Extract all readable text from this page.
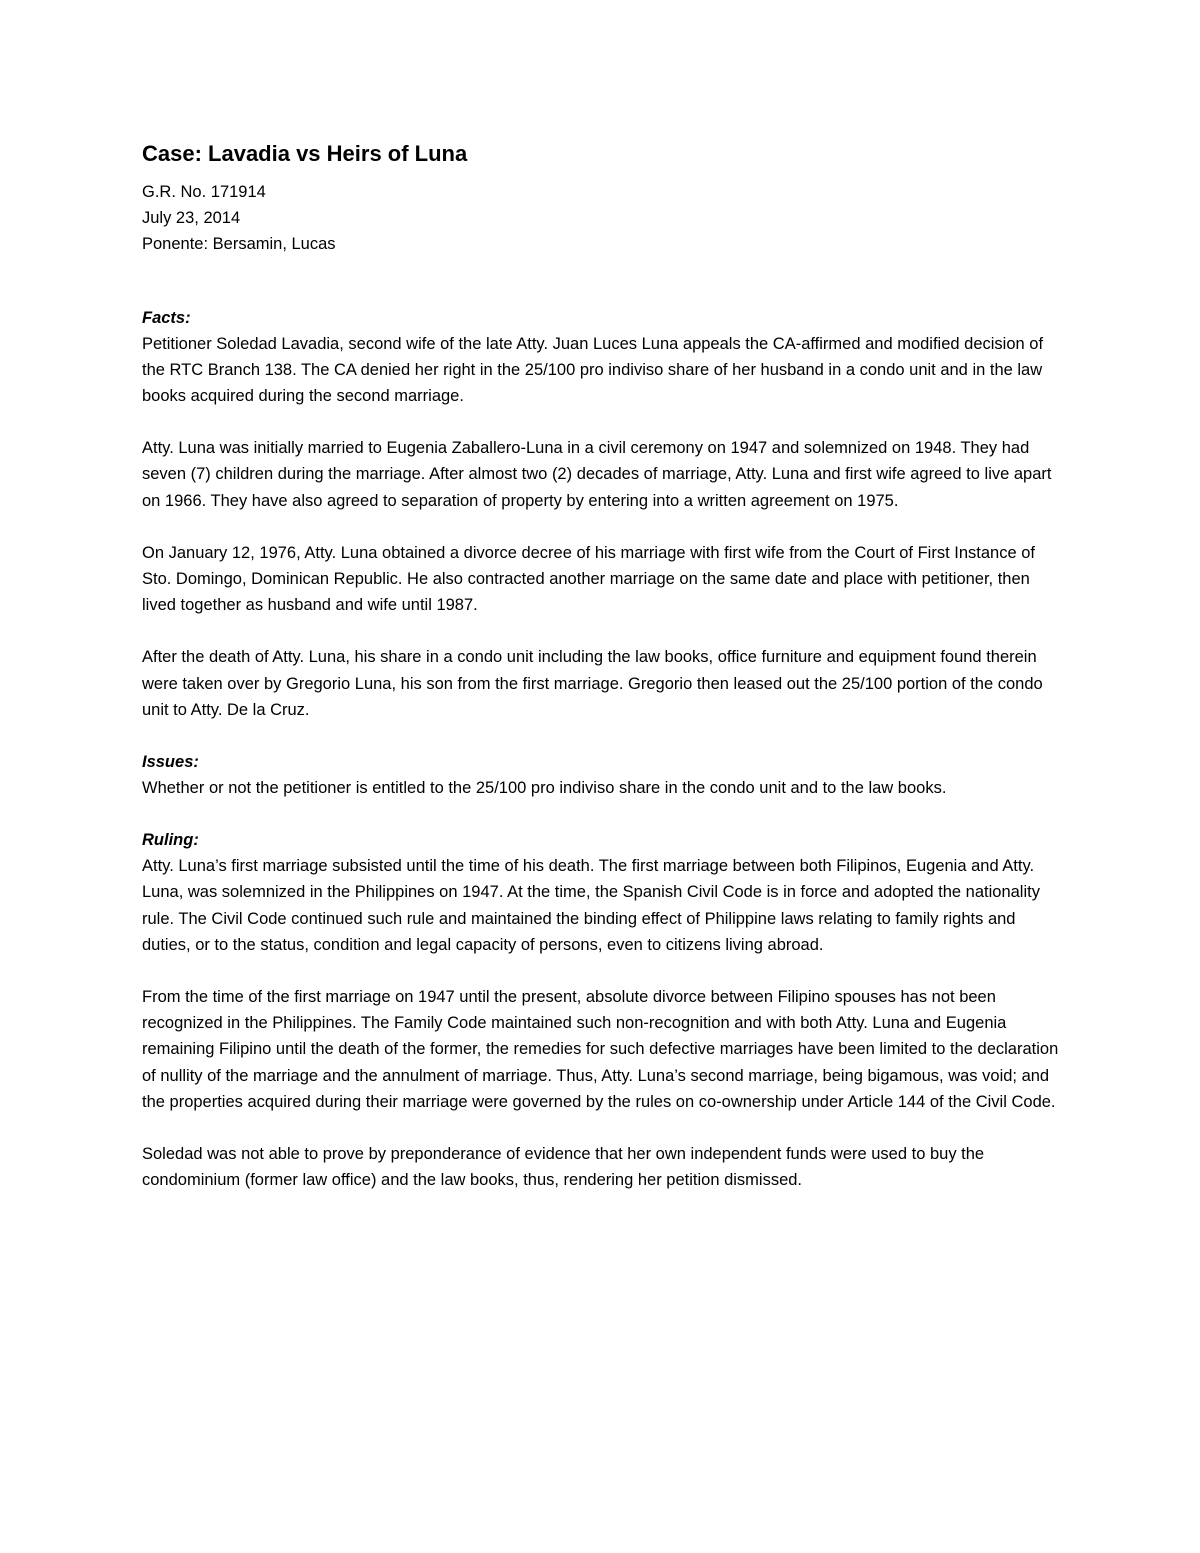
Case: Lavadia vs Heirs of Luna

G.R. No. 171914

July 23, 2014

Ponente: Bersamin, Lucas

Facts:

Petitioner Soledad Lavadia, second wife of the late Atty. Juan Luces Luna appeals the CA-affirmed and modified decision of the RTC Branch 138. The CA denied her right in the 25/100 pro indiviso share of her husband in a condo unit and in the law books acquired during the second marriage.

Atty. Luna was initially married to Eugenia Zaballero-Luna in a civil ceremony on 1947 and solemnized on 1948. They had seven (7) children during the marriage. After almost two (2) decades of marriage, Atty. Luna and first wife agreed to live apart on 1966. They have also agreed to separation of property by entering into a written agreement on 1975.

On January 12, 1976, Atty. Luna obtained a divorce decree of his marriage with first wife from the Court of First Instance of Sto. Domingo, Dominican Republic. He also contracted another marriage on the same date and place with petitioner, then lived together as husband and wife until 1987.

After the death of Atty. Luna, his share in a condo unit including the law books, office furniture and equipment found therein were taken over by Gregorio Luna, his son from the first marriage. Gregorio then leased out the 25/100 portion of the condo unit to Atty. De la Cruz.

Issues:

Whether or not the petitioner is entitled to the 25/100 pro indiviso share in the condo unit and to the law books.

Ruling:

Atty. Luna’s first marriage subsisted until the time of his death. The first marriage between both Filipinos, Eugenia and Atty. Luna, was solemnized in the Philippines on 1947. At the time, the Spanish Civil Code is in force and adopted the nationality rule. The Civil Code continued such rule and maintained the binding effect of Philippine laws relating to family rights and duties, or to the status, condition and legal capacity of persons, even to citizens living abroad.

From the time of the first marriage on 1947 until the present, absolute divorce between Filipino spouses has not been recognized in the Philippines. The Family Code maintained such non-recognition and with both Atty. Luna and Eugenia remaining Filipino until the death of the former, the remedies for such defective marriages have been limited to the declaration of nullity of the marriage and the annulment of marriage. Thus, Atty. Luna’s second marriage, being bigamous, was void; and the properties acquired during their marriage were governed by the rules on co-ownership under Article 144 of the Civil Code.

Soledad was not able to prove by preponderance of evidence that her own independent funds were used to buy the condominium (former law office) and the law books, thus, rendering her petition dismissed.
